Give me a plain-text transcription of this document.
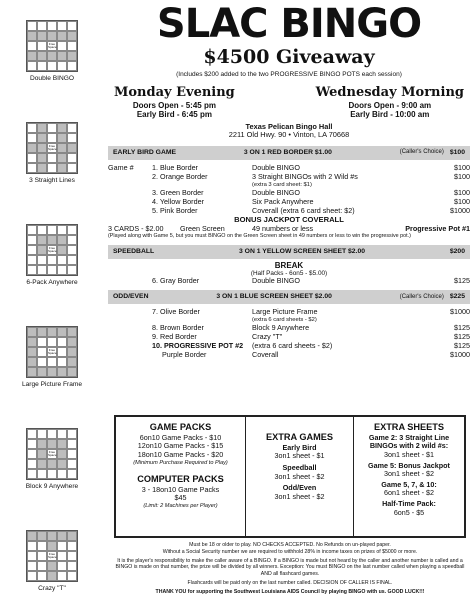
Free Space
Double BINGO
Free Space
3 Straight Lines
Free Space
6-Pack Anywhere
Free Space
Large Picture Frame
Free Space
Block 9 Anywhere
Free Space
Crazy "T"
SLAC BINGO
$4500 Giveaway
(Includes $200 added to the two PROGRESSIVE BINGO POTS each session)
Monday Evening

Doors Open - 5:45 pm

Early Bird - 6:45 pm

Wednesday Morning

Doors Open - 9:00 am

Early Bird - 10:00 am

Texas Pelican Bingo Hall
2211 Old Hwy. 90 • Vinton, LA 70668
EARLY BIRD GAME	3 ON 1 RED BORDER $1.00	(Caller's Choice) $100
Game #	1. Blue Border	Double BINGO	$100
2. Orange Border	3 Straight BINGOs with 2 Wild #s	$100
(extra 3 card sheet: $1)
3. Green Border	Double BINGO	$100
4. Yellow Border	Six Pack Anywhere	$100
5. Pink Border	Coverall (extra 6 card sheet: $2)	$1000
BONUS JACKPOT COVERALL
3 CARDS - $2.00	Green Screen	49 numbers or less	Progressive Pot #1
(Played along with Game 5, but you must BINGO on the Green Screen sheet in 49 numbers or less to win the progressive pot.)
SPEEDBALL	3 ON 1 YELLOW SCREEN SHEET $2.00	$200
BREAK
(Half Packs - 6on5 - $5.00)
6. Gray Border	Double BINGO	$125
ODD/EVEN	3 ON 1 BLUE SCREEN SHEET $2.00	(Caller's Choice) $225
7. Olive Border	Large Picture Frame	$1000
(extra 6 card sheets - $2)
8. Brown Border	Block 9 Anywhere	$125
9. Red Border	Crazy "T"	$125
10. PROGRESSIVE POT #2	(extra 6 card sheets - $2)	$125
Purple Border	Coverall	$1000
GAME PACKS

6on10 Game Packs - $10

12on10 Game Packs - $15

18on10 Game Packs - $20

(Minimum Purchase Required to Play)

COMPUTER PACKS

3 - 18on10 Game Packs

$45

(Limit: 2 Machines per Player)

EXTRA GAMES

Early Bird

3on1 sheet - $1

Speedball

3on1 sheet - $2

Odd/Even

3on1 sheet - $2

EXTRA SHEETS

Game 2: 3 Straight Line BINGOs with 2 wild #s:

3on1 sheet - $1

Game 5: Bonus Jackpot

3on1 sheet - $2

Game 5, 7, & 10:

6on1 sheet - $2

Half-Time Pack:

6on5 - $5

Must be 18 or older to play. NO CHECKS ACCEPTED. No Refunds on un-played paper.
Without a Social Security number we are required to withhold 28% in income taxes on prizes of $5000 or more.

It is the player's responsibility to make the caller aware of a BINGO. If a BINGO is made but not heard by the caller and another number is called and a BINGO is made on that number, the prize will be divided by all winners. Exception: You must BINGO on the last number called when playing a speedball AND all flashcard games.

Flashcards will be paid only on the last number called. DECISION OF CALLER IS FINAL.

THANK YOU for supporting the Southwest Louisiana AIDS Council by playing BINGO with us. GOOD LUCK!!!
